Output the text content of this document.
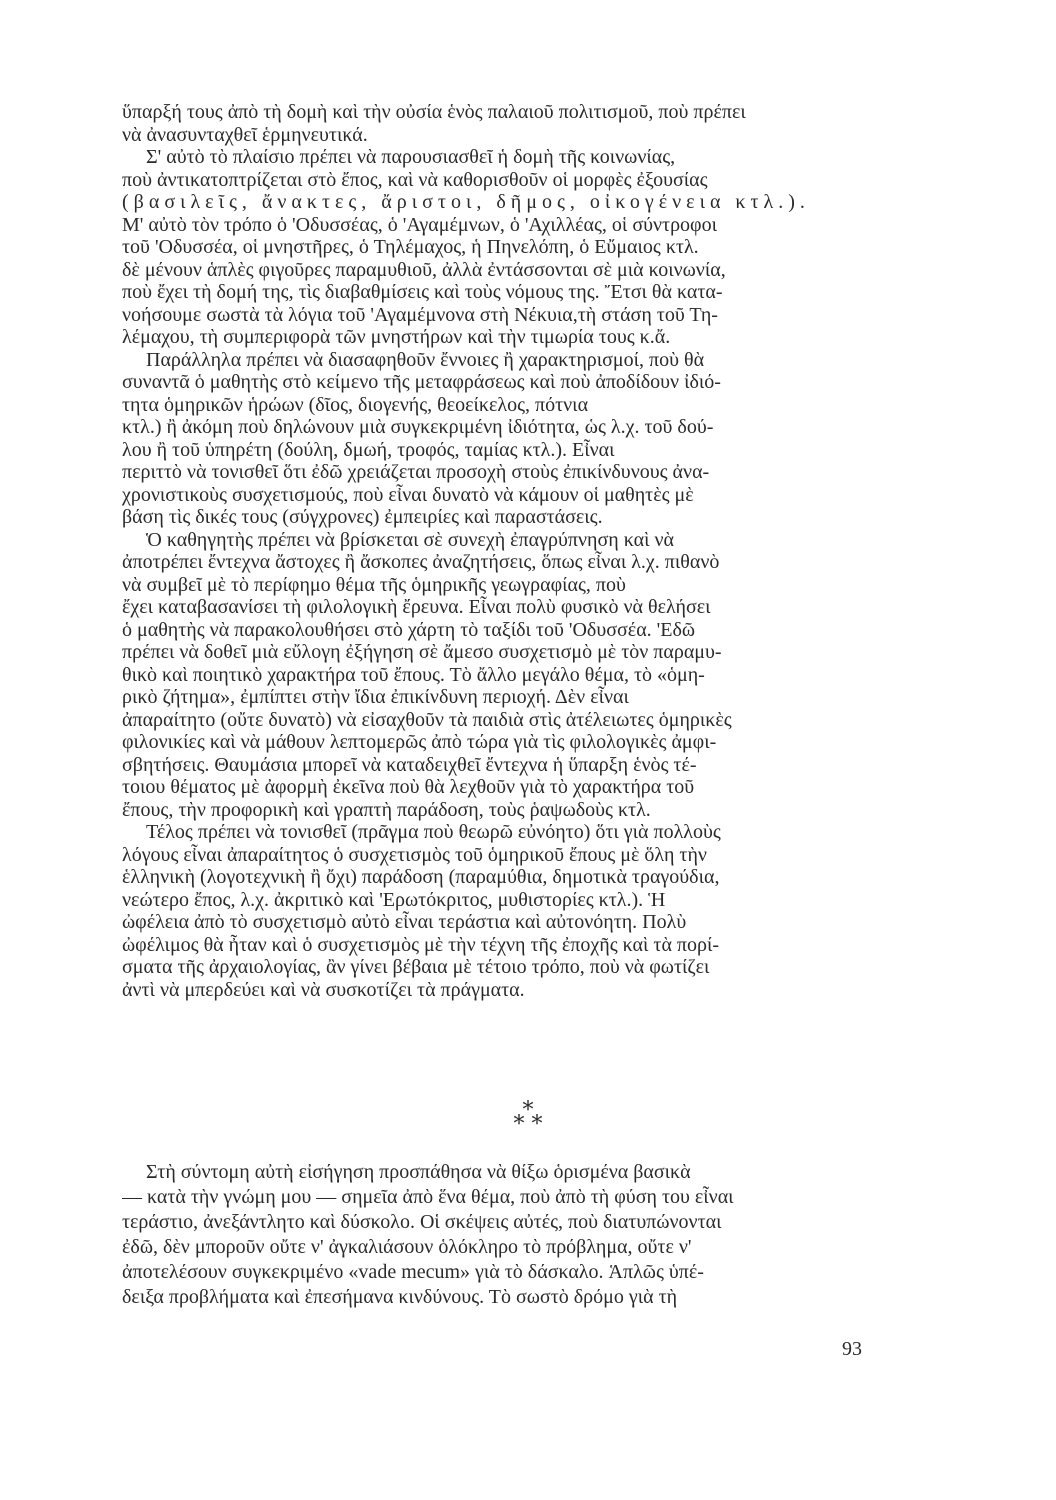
ὕπαρξή τους ἀπὸ τὴ δομὴ καὶ τὴν οὐσία ἑνὸς παλαιοῦ πολιτισμοῦ, ποὺ πρέπει
νὰ ἀνασυνταχθεῖ ἑρμηνευτικά.
Σ' αὐτὸ τὸ πλαίσιο πρέπει νὰ παρουσιασθεῖ ἡ δομὴ τῆς κοινωνίας,
ποὺ ἀντικατοπτρίζεται στὸ ἔπος, καὶ νὰ καθορισθοῦν οἱ μορφὲς ἐξουσίας
(βασιλεῖς, ἄνακτες, ἄριστοι, δῆμος, οἰκογένεια κτλ.).
Μ' αὐτὸ τὸν τρόπο ὁ 'Οδυσσέας, ὁ 'Αγαμέμνων, ὁ 'Αχιλλέας, οἱ σύντροφοι
τοῦ 'Οδυσσέα, οἱ μνηστῆρες, ὁ Τηλέμαχος, ἡ Πηνελόπη, ὁ Εὔμαιος κτλ.
δὲ μένουν ἁπλὲς φιγοῦρες παραμυθιοῦ, ἀλλὰ ἐντάσσονται σὲ μιὰ κοινωνία,
ποὺ ἔχει τὴ δομή της, τὶς διαβαθμίσεις καὶ τοὺς νόμους της. Ἔτσι θὰ κατα-
νοήσουμε σωστὰ τὰ λόγια τοῦ 'Αγαμέμνονα στὴ Νέκυια,τὴ στάση τοῦ Τη-
λέμαχου, τὴ συμπεριφορὰ τῶν μνηστήρων καὶ τὴν τιμωρία τους κ.ἄ.
Παράλληλα πρέπει νὰ διασαφηθοῦν ἔννοιες ἢ χαρακτηρισμοί, ποὺ θὰ
συναντᾶ ὁ μαθητὴς στὸ κείμενο τῆς μεταφράσεως καὶ ποὺ ἀποδίδουν ἰδιό-
τητα ὁμηρικῶν ἡρώων (δῖος, διογενής, θεοείκελος, πότνια
κτλ.) ἢ ἀκόμη ποὺ δηλώνουν μιὰ συγκεκριμένη ἰδιότητα, ὡς λ.χ. τοῦ δού-
λου ἢ τοῦ ὑπηρέτη (δούλη, δμωή, τροφός, ταμίας κτλ.). Εἶναι
περιττὸ νὰ τονισθεῖ ὅτι ἐδῶ χρειάζεται προσοχὴ στοὺς ἐπικίνδυνους ἀνα-
χρονιστικοὺς συσχετισμούς, ποὺ εἶναι δυνατὸ νὰ κάμουν οἱ μαθητὲς μὲ
βάση τὶς δικές τους (σύγχρονες) ἐμπειρίες καὶ παραστάσεις.
Ὁ καθηγητὴς πρέπει νὰ βρίσκεται σὲ συνεχὴ ἐπαγρύπνηση καὶ νὰ
ἀποτρέπει ἔντεχνα ἄστοχες ἢ ἄσκοπες ἀναζητήσεις, ὅπως εἶναι λ.χ. πιθανὸ
νὰ συμβεῖ μὲ τὸ περίφημο θέμα τῆς ὁμηρικῆς γεωγραφίας, ποὺ
ἔχει καταβασανίσει τὴ φιλολογικὴ ἔρευνα. Εἶναι πολὺ φυσικὸ νὰ θελήσει
ὁ μαθητὴς νὰ παρακολουθήσει στὸ χάρτη τὸ ταξίδι τοῦ 'Οδυσσέα. 'Εδῶ
πρέπει νὰ δοθεῖ μιὰ εὔλογη ἐξήγηση σὲ ἄμεσο συσχετισμὸ μὲ τὸν παραμυ-
θικὸ καὶ ποιητικὸ χαρακτήρα τοῦ ἔπους. Τὸ ἄλλο μεγάλο θέμα, τὸ «ὁμη-
ρικὸ ζήτημα», ἐμπίπτει στὴν ἴδια ἐπικίνδυνη περιοχή. Δὲν εἶναι
ἀπαραίτητο (οὔτε δυνατὸ) νὰ εἰσαχθοῦν τὰ παιδιὰ στὶς ἀτέλειωτες ὁμηρικὲς
φιλονικίες καὶ νὰ μάθουν λεπτομερῶς ἀπὸ τώρα γιὰ τὶς φιλολογικὲς ἀμφι-
σβητήσεις. Θαυμάσια μπορεῖ νὰ καταδειχθεῖ ἔντεχνα ἡ ὕπαρξη ἑνὸς τέ-
τοιου θέματος μὲ ἀφορμὴ ἐκεῖνα ποὺ θὰ λεχθοῦν γιὰ τὸ χαρακτήρα τοῦ
ἔπους, τὴν προφορικὴ καὶ γραπτὴ παράδοση, τοὺς ῥαψωδοὺς κτλ.
Τέλος πρέπει νὰ τονισθεῖ (πρᾶγμα ποὺ θεωρῶ εὐνόητο) ὅτι γιὰ πολλοὺς
λόγους εἶναι ἀπαραίτητος ὁ συσχετισμὸς τοῦ ὁμηρικοῦ ἔπους μὲ ὅλη τὴν
ἑλληνικὴ (λογοτεχνικὴ ἢ ὄχι) παράδοση (παραμύθια, δημοτικὰ τραγούδια,
νεώτερο ἔπος, λ.χ. ἀκριτικὸ καὶ 'Ερωτόκριτος, μυθιστορίες κτλ.). Ἡ
ὠφέλεια ἀπὸ τὸ συσχετισμὸ αὐτὸ εἶναι τεράστια καὶ αὐτονόητη. Πολὺ
ὠφέλιμος θὰ ἦταν καὶ ὁ συσχετισμὸς μὲ τὴν τέχνη τῆς ἐποχῆς καὶ τὰ πορί-
σματα τῆς ἀρχαιολογίας, ἂν γίνει βέβαια μὲ τέτοιο τρόπο, ποὺ νὰ φωτίζει
ἀντὶ νὰ μπερδεύει καὶ νὰ συσκοτίζει τὰ πράγματα.
*
* *
Στὴ σύντομη αὐτὴ εἰσήγηση προσπάθησα νὰ θίξω ὁρισμένα βασικὰ
— κατὰ τὴν γνώμη μου — σημεῖα ἀπὸ ἕνα θέμα, ποὺ ἀπὸ τὴ φύση του εἶναι
τεράστιο, ἀνεξάντλητο καὶ δύσκολο. Οἱ σκέψεις αὐτές, ποὺ διατυπώνονται
ἐδῶ, δὲν μποροῦν οὔτε ν' ἀγκαλιάσουν ὁλόκληρο τὸ πρόβλημα, οὔτε ν'
ἀποτελέσουν συγκεκριμένο «vade mecum» γιὰ τὸ δάσκαλο. Ἁπλῶς ὑπέ-
δειξα προβλήματα καὶ ἐπεσήμανα κινδύνους. Τὸ σωστὸ δρόμο γιὰ τὴ
93
